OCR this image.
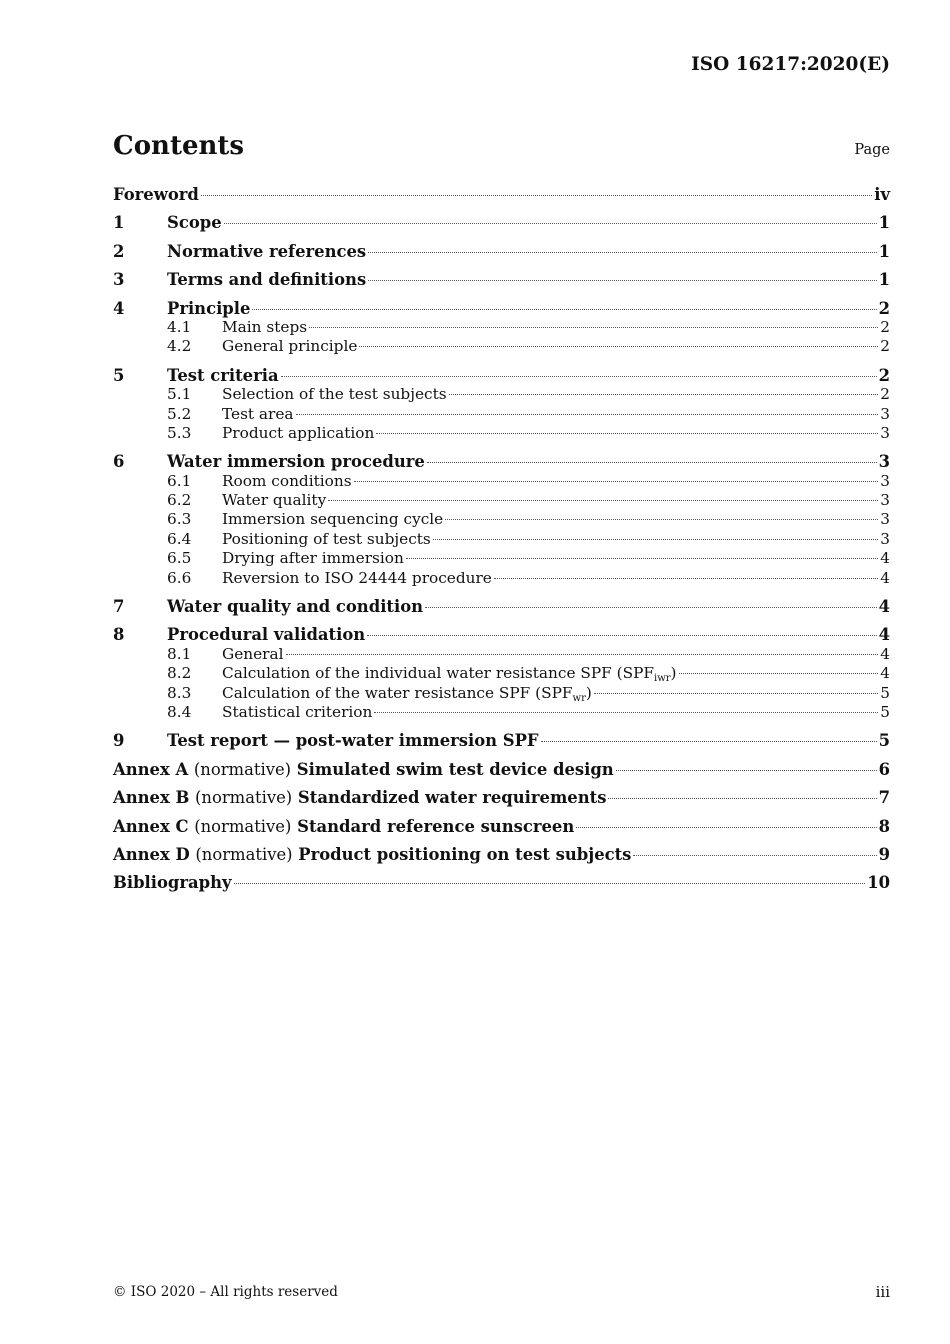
ISO 16217:2020(E)
Contents	Page
Foreword	iv
1	Scope	1
2	Normative references	1
3	Terms and definitions	1
4	Principle	2
4.1	Main steps	2
4.2	General principle	2
5	Test criteria	2
5.1	Selection of the test subjects	2
5.2	Test area	3
5.3	Product application	3
6	Water immersion procedure	3
6.1	Room conditions	3
6.2	Water quality	3
6.3	Immersion sequencing cycle	3
6.4	Positioning of test subjects	3
6.5	Drying after immersion	4
6.6	Reversion to ISO 24444 procedure	4
7	Water quality and condition	4
8	Procedural validation	4
8.1	General	4
8.2	Calculation of the individual water resistance SPF $(SPF_{iwr})$	4
8.3	Calculation of the water resistance SPF $(SPF_{wr})$	5
8.4	Statistical criterion	5
9	Test report — post-water immersion SPF	5
Annex A (normative) Simulated swim test device design	6
Annex B (normative) Standardized water requirements	7
Annex C (normative) Standard reference sunscreen	8
Annex D (normative) Product positioning on test subjects	9
Bibliography	10
© ISO 2020 – All rights reserved	iii
